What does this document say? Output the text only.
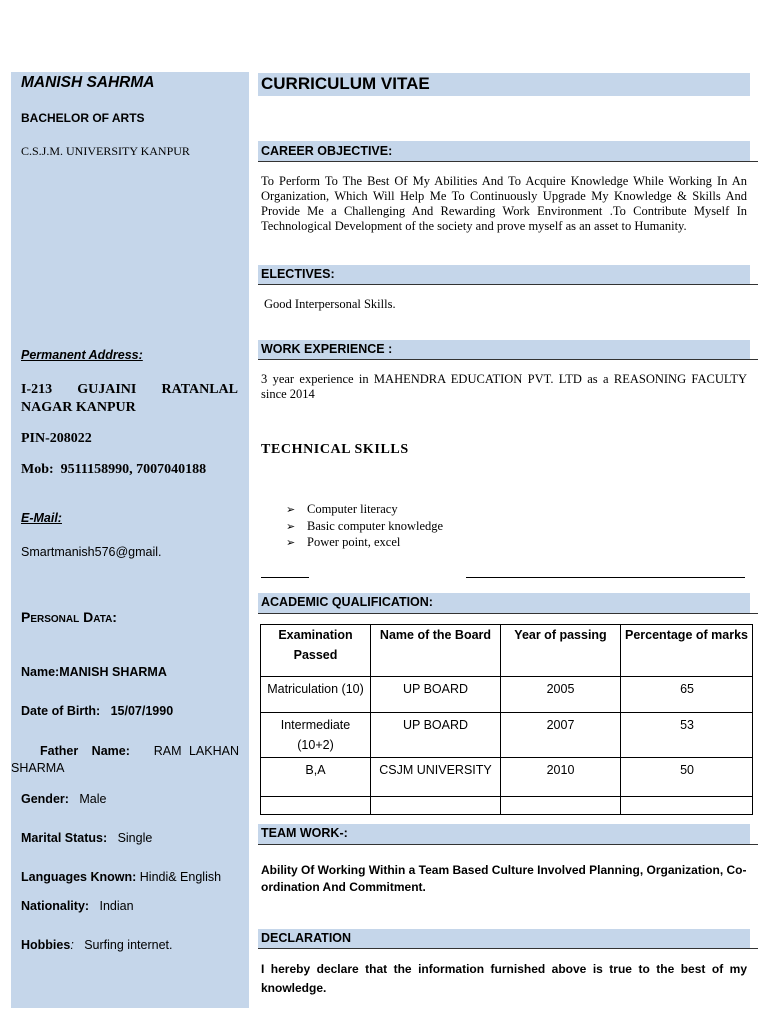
MANISH SAHRMA
BACHELOR OF ARTS
C.S.J.M. UNIVERSITY KANPUR
Permanent Address:
I-213 GUJAINI RATANLAL
NAGAR KANPUR
PIN-208022
Mob: 9511158990, 7007040188
E-Mail:
Smartmanish576@gmail.
Personal Data:
Name:MANISH SHARMA
Date of Birth: 15/07/1990
Father Name: RAM LAKHAN
SHARMA
Gender: Male
Marital Status: Single
Languages Known: Hindi& English
Nationality: Indian
Hobbies: Surfing internet.
CURRICULUM VITAE
CAREER OBJECTIVE:
To Perform To The Best Of My Abilities And To Acquire Knowledge While Working In An Organization, Which Will Help Me To Continuously Upgrade My Knowledge & Skills And Provide Me a Challenging And Rewarding Work Environment .To Contribute Myself In Technological Development of the society and prove myself as an asset to Humanity.
ELECTIVES:
Good Interpersonal Skills.
WORK EXPERIENCE :
3 year experience in MAHENDRA EDUCATION PVT. LTD as a REASONING FACULTY since 2014
TECHNICAL SKILLS
➢ Computer literacy
➢ Basic computer knowledge
➢ Power point, excel
ACADEMIC QUALIFICATION:
Examination Passed	Name of the Board	Year of passing	Percentage of marks
Matriculation (10)	UP BOARD	2005	65
Intermediate (10+2)	UP BOARD	2007	53
B,A	CSJM UNIVERSITY	2010	50

TEAM WORK-:
Ability Of Working Within a Team Based Culture Involved Planning, Organization, Co-ordination And Commitment.
DECLARATION
I hereby declare that the information furnished above is true to the best of my knowledge.
